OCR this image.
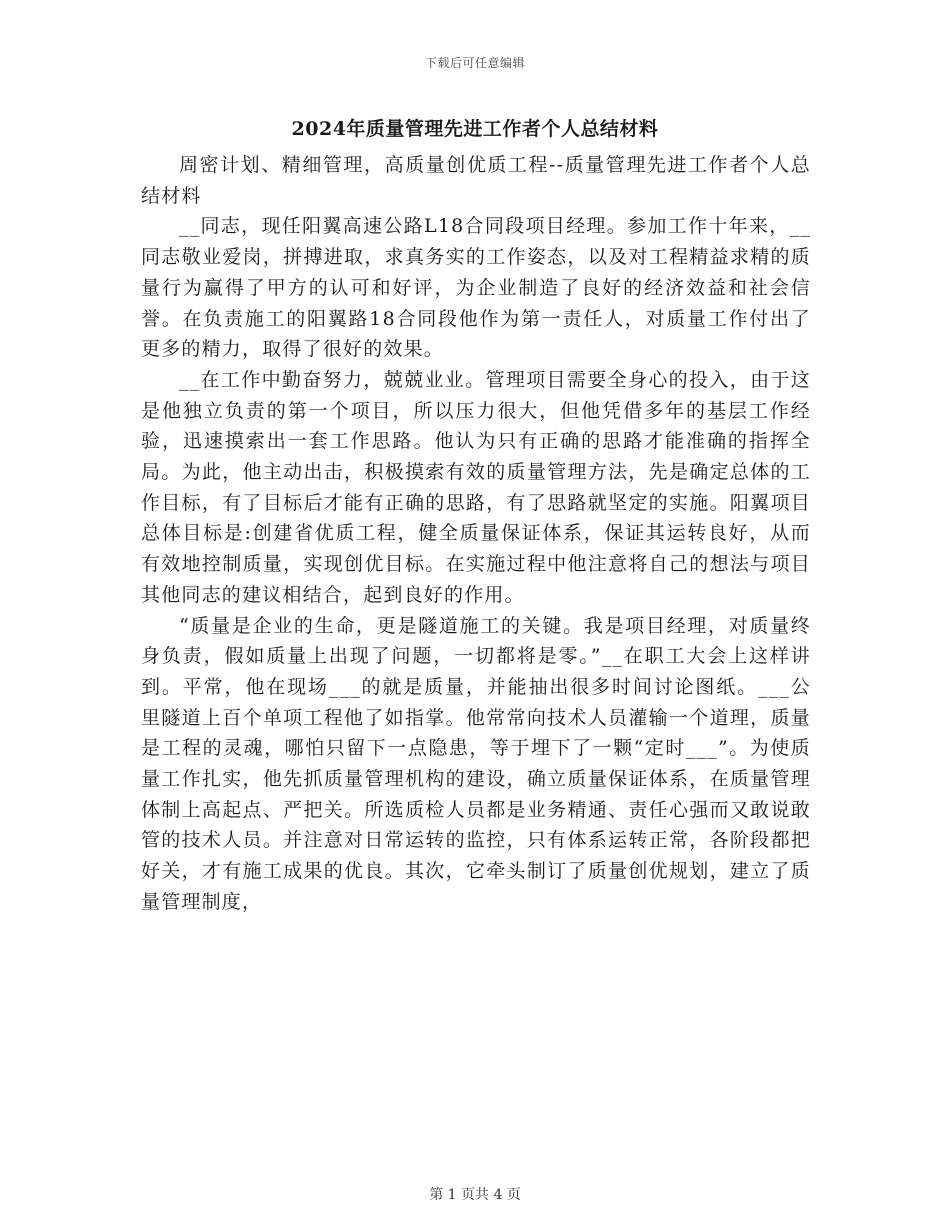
下载后可任意编辑
2024年质量管理先进工作者个人总结材料

周密计划、精细管理，高质量创优质工程--质量管理先进工作者个人总结材料

__同志，现任阳翼高速公路L18合同段项目经理。参加工作十年来，__同志敬业爱岗，拼搏进取，求真务实的工作姿态，以及对工程精益求精的质量行为赢得了甲方的认可和好评，为企业制造了良好的经济效益和社会信誉。在负责施工的阳翼路18合同段他作为第一责任人，对质量工作付出了更多的精力，取得了很好的效果。

__在工作中勤奋努力，兢兢业业。管理项目需要全身心的投入，由于这是他独立负责的第一个项目，所以压力很大，但他凭借多年的基层工作经验，迅速摸索出一套工作思路。他认为只有正确的思路才能准确的指挥全局。为此，他主动出击，积极摸索有效的质量管理方法，先是确定总体的工作目标，有了目标后才能有正确的思路，有了思路就坚定的实施。阳翼项目总体目标是:创建省优质工程，健全质量保证体系，保证其运转良好，从而有效地控制质量，实现创优目标。在实施过程中他注意将自己的想法与项目其他同志的建议相结合，起到良好的作用。

“质量是企业的生命，更是隧道施工的关键。我是项目经理，对质量终身负责，假如质量上出现了问题，一切都将是零。”__在职工大会上这样讲到。平常，他在现场___的就是质量，并能抽出很多时间讨论图纸。___公里隧道上百个单项工程他了如指掌。他常常向技术人员灌输一个道理，质量是工程的灵魂，哪怕只留下一点隐患，等于埋下了一颗“定时___”。为使质量工作扎实，他先抓质量管理机构的建设，确立质量保证体系，在质量管理体制上高起点、严把关。所选质检人员都是业务精通、责任心强而又敢说敢管的技术人员。并注意对日常运转的监控，只有体系运转正常，各阶段都把好关，才有施工成果的优良。其次，它牵头制订了质量创优规划，建立了质量管理制度，

第 1 页共 4 页
